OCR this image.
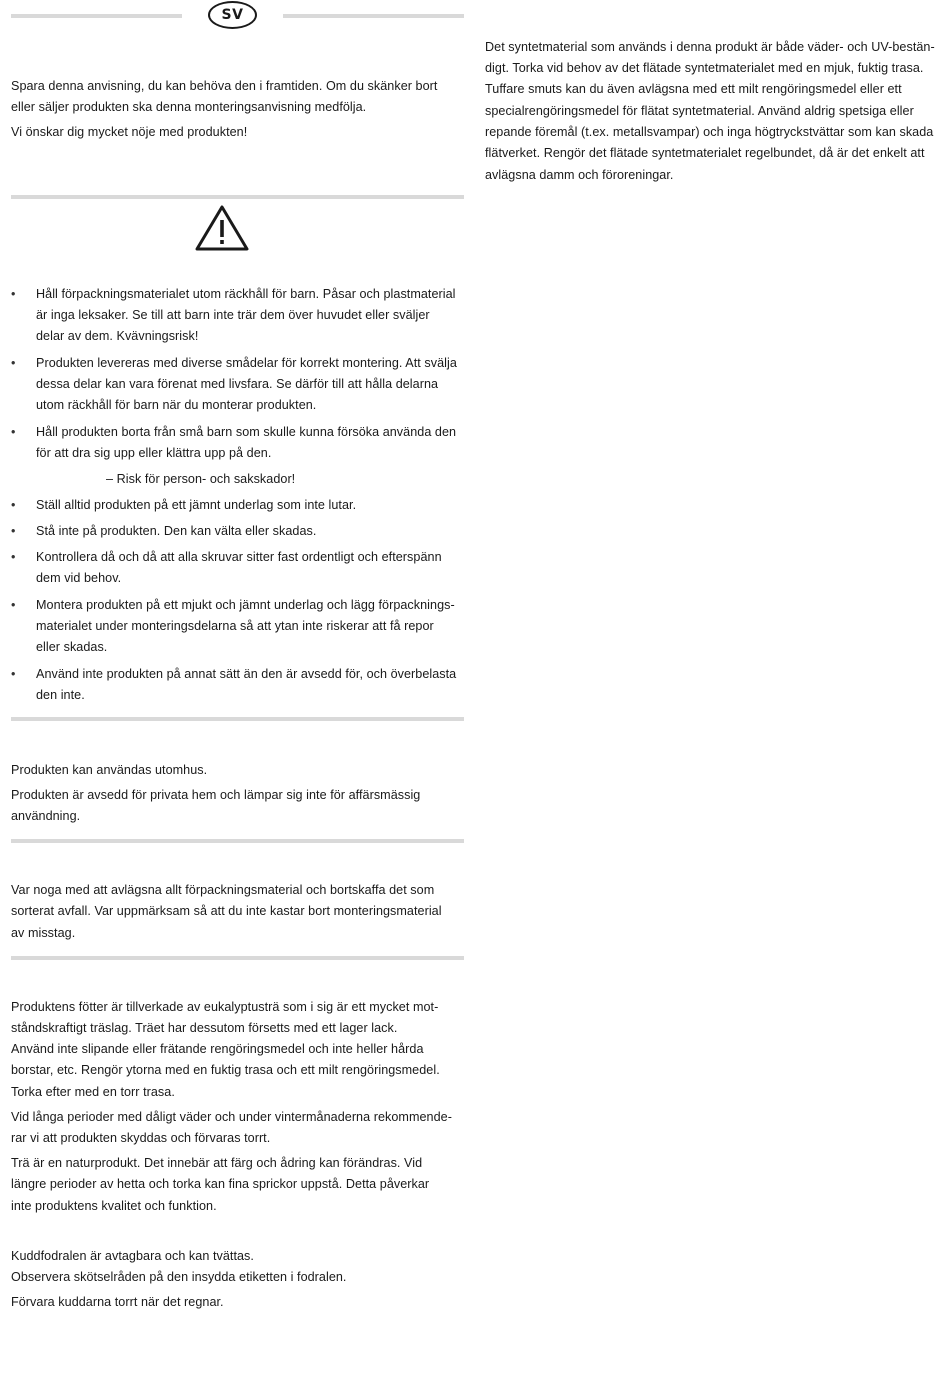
SV
Spara denna anvisning, du kan behöva den i framtiden. Om du skänker bort
eller säljer produkten ska denna monteringsanvisning medfölja.
Vi önskar dig mycket nöje med produkten!
• Håll förpackningsmaterialet utom räckhåll för barn. Påsar och plastmaterial
är inga leksaker. Se till att barn inte trär dem över huvudet eller sväljer
delar av dem. Kvävningsrisk!
• Produkten levereras med diverse smådelar för korrekt montering. Att svälja
dessa delar kan vara förenat med livsfara. Se därför till att hålla delarna
utom räckhåll för barn när du monterar produkten.
• Håll produkten borta från små barn som skulle kunna försöka använda den
för att dra sig upp eller klättra upp på den.
– Risk för person- och sakskador!
• Ställ alltid produkten på ett jämnt underlag som inte lutar.
• Stå inte på produkten. Den kan välta eller skadas.
• Kontrollera då och då att alla skruvar sitter fast ordentligt och efterspänn
dem vid behov.
• Montera produkten på ett mjukt och jämnt underlag och lägg förpacknings-
materialet under monteringsdelarna så att ytan inte riskerar att få repor
eller skadas.
• Använd inte produkten på annat sätt än den är avsedd för, och överbelasta
den inte.
Produkten kan användas utomhus.
Produkten är avsedd för privata hem och lämpar sig inte för affärsmässig
användning.
Var noga med att avlägsna allt förpackningsmaterial och bortskaffa det som
sorterat avfall. Var uppmärksam så att du inte kastar bort monteringsmaterial
av misstag.
Produktens fötter är tillverkade av eukalyptusträ som i sig är ett mycket mot-
ståndskraftigt träslag. Träet har dessutom försetts med ett lager lack.
Använd inte slipande eller frätande rengöringsmedel och inte heller hårda
borstar, etc. Rengör ytorna med en fuktig trasa och ett milt rengöringsmedel.
Torka efter med en torr trasa.
Vid långa perioder med dåligt väder och under vintermånaderna rekommende-
rar vi att produkten skyddas och förvaras torrt.
Trä är en naturprodukt. Det innebär att färg och ådring kan förändras. Vid
längre perioder av hetta och torka kan fina sprickor uppstå. Detta påverkar
inte produktens kvalitet och funktion.
Kuddfodralen är avtagbara och kan tvättas.
Observera skötselråden på den insydda etiketten i fodralen.
Förvara kuddarna torrt när det regnar.
Det syntetmaterial som används i denna produkt är både väder- och UV-bestän-
digt. Torka vid behov av det flätade syntetmaterialet med en mjuk, fuktig trasa.
Tuffare smuts kan du även avlägsna med ett milt rengöringsmedel eller ett
specialrengöringsmedel för flätat syntetmaterial. Använd aldrig spetsiga eller
repande föremål (t.ex. metallsvampar) och inga högtryckstvättar som kan skada
flätverket. Rengör det flätade syntetmaterialet regelbundet, då är det enkelt att
avlägsna damm och föroreningar.
